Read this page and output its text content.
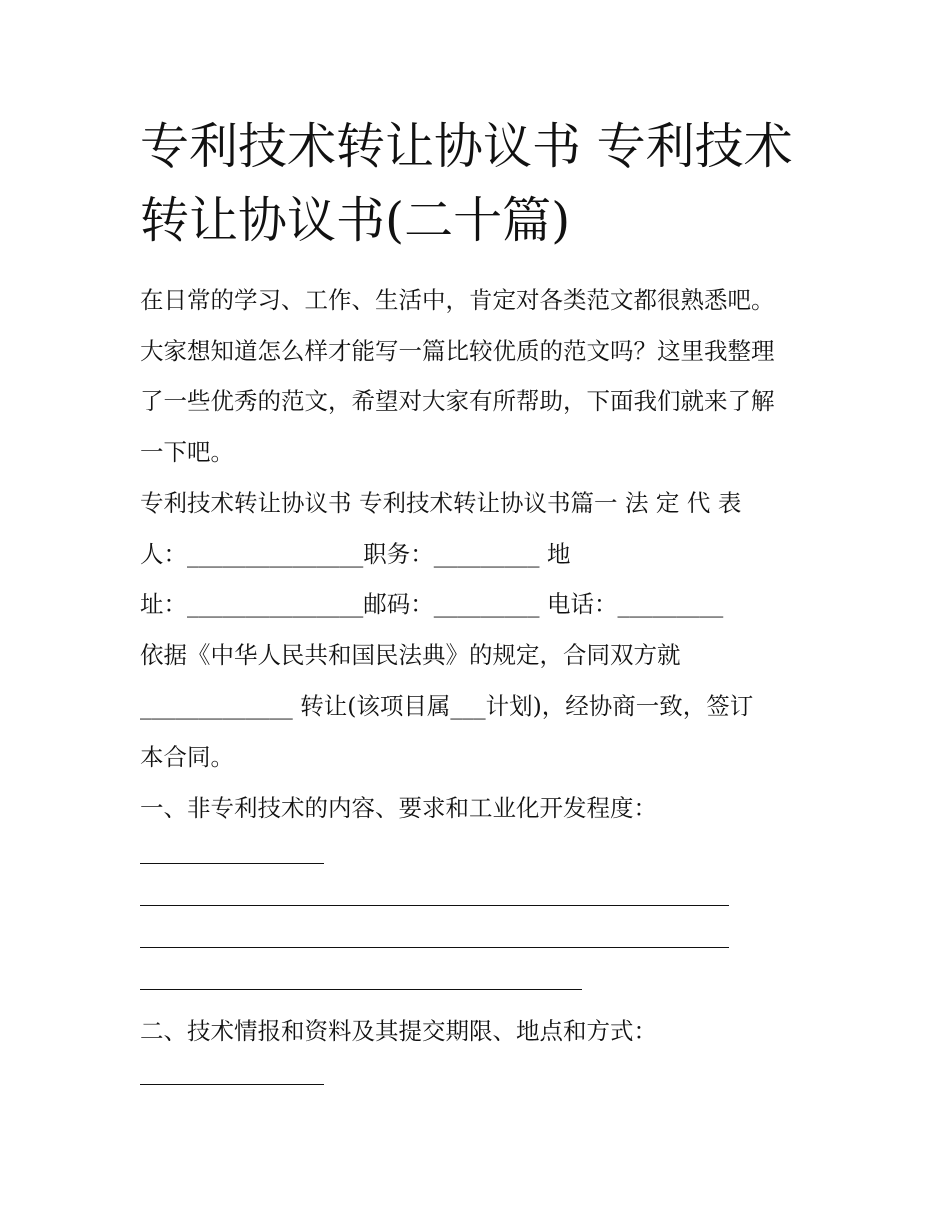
专利技术转让协议书 专利技术
转让协议书(二十篇)
在日常的学习、工作、生活中，肯定对各类范文都很熟悉吧。
大家想知道怎么样才能写一篇比较优质的范文吗？这里我整理
了一些优秀的范文，希望对大家有所帮助，下面我们就来了解
一下吧。
专利技术转让协议书 专利技术转让协议书篇一 法 定 代 表
人：_______________职务：_________ 地
址：_______________邮码：_________ 电话：_________
依据《中华人民共和国民法典》的规定，合同双方就
_____________ 转让(该项目属___计划)，经协商一致，签订
本合同。
一、非专利技术的内容、要求和工业化开发程度：
二、技术情报和资料及其提交期限、地点和方式：
